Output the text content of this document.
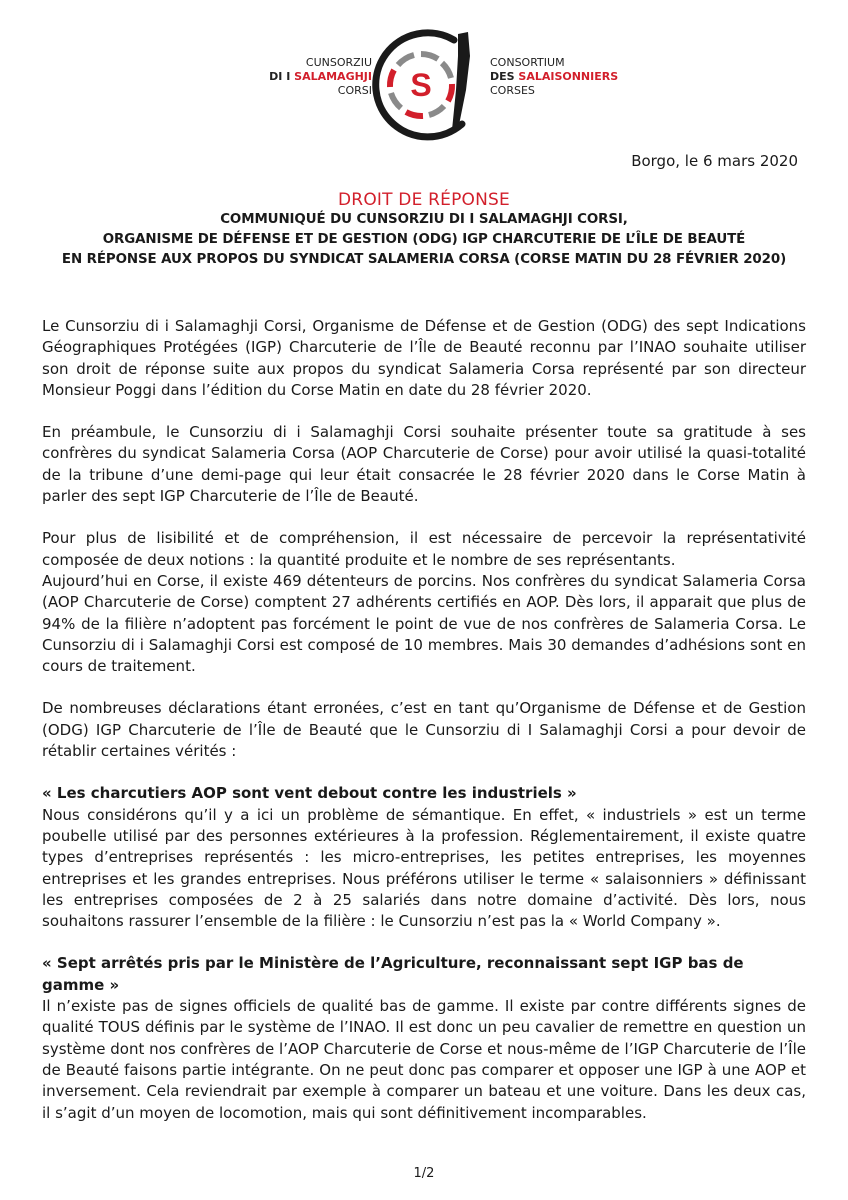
CUNSORZIU
DI I SALAMAGHJI
CORSI S
CONSORTIUM
DES SALAISONNIERS
CORSES
Borgo, le 6 mars 2020
DROIT DE RÉPONSE
COMMUNIQUÉ DU CUNSORZIU DI I SALAMAGHJI CORSI,
ORGANISME DE DÉFENSE ET DE GESTION (ODG) IGP CHARCUTERIE DE L’ÎLE DE BEAUTÉ
EN RÉPONSE AUX PROPOS DU SYNDICAT SALAMERIA CORSA (CORSE MATIN DU 28 FÉVRIER 2020)

Le Cunsorziu di i Salamaghji Corsi, Organisme de Défense et de Gestion (ODG) des sept Indications Géographiques Protégées (IGP) Charcuterie de l’Île de Beauté reconnu par l’INAO souhaite utiliser son droit de réponse suite aux propos du syndicat Salameria Corsa représenté par son directeur Monsieur Poggi dans l’édition du Corse Matin en date du 28 février 2020.

En préambule, le Cunsorziu di i Salamaghji Corsi souhaite présenter toute sa gratitude à ses confrères du syndicat Salameria Corsa (AOP Charcuterie de Corse) pour avoir utilisé la quasi-totalité de la tribune d’une demi-page qui leur était consacrée le 28 février 2020 dans le Corse Matin à parler des sept IGP Charcuterie de l’Île de Beauté.

Pour plus de lisibilité et de compréhension, il est nécessaire de percevoir la représentativité composée de deux notions : la quantité produite et le nombre de ses représentants.
Aujourd’hui en Corse, il existe 469 détenteurs de porcins. Nos confrères du syndicat Salameria Corsa (AOP Charcuterie de Corse) comptent 27 adhérents certifiés en AOP. Dès lors, il apparait que plus de 94% de la filière n’adoptent pas forcément le point de vue de nos confrères de Salameria Corsa. Le Cunsorziu di i Salamaghji Corsi est composé de 10 membres. Mais 30 demandes d’adhésions sont en cours de traitement.

De nombreuses déclarations étant erronées, c’est en tant qu’Organisme de Défense et de Gestion (ODG) IGP Charcuterie de l’Île de Beauté que le Cunsorziu di I Salamaghji Corsi a pour devoir de rétablir certaines vérités :

« Les charcutiers AOP sont vent debout contre les industriels »

Nous considérons qu’il y a ici un problème de sémantique. En effet, « industriels » est un terme poubelle utilisé par des personnes extérieures à la profession. Réglementairement, il existe quatre types d’entreprises représentés : les micro-entreprises, les petites entreprises, les moyennes entreprises et les grandes entreprises. Nous préférons utiliser le terme « salaisonniers » définissant les entreprises composées de 2 à 25 salariés dans notre domaine d’activité. Dès lors, nous souhaitons rassurer l’ensemble de la filière : le Cunsorziu n’est pas la « World Company ».

« Sept arrêtés pris par le Ministère de l’Agriculture, reconnaissant sept IGP bas de gamme »

Il n’existe pas de signes officiels de qualité bas de gamme. Il existe par contre différents signes de qualité TOUS définis par le système de l’INAO. Il est donc un peu cavalier de remettre en question un système dont nos confrères de l’AOP Charcuterie de Corse et nous-même de l’IGP Charcuterie de l’Île de Beauté faisons partie intégrante. On ne peut donc pas comparer et opposer une IGP à une AOP et inversement. Cela reviendrait par exemple à comparer un bateau et une voiture. Dans les deux cas, il s’agit d’un moyen de locomotion, mais qui sont définitivement incomparables.

1/2
